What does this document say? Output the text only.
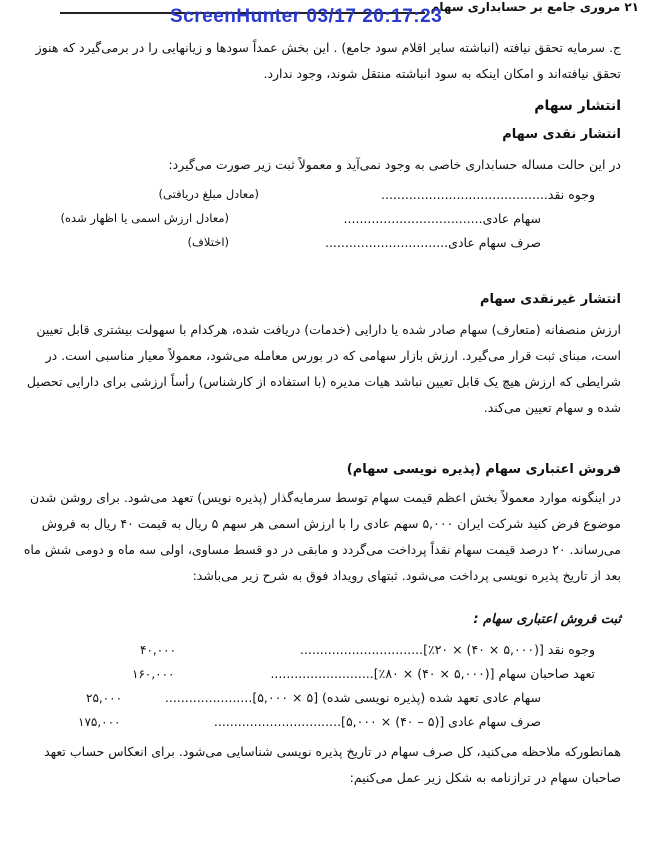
۲۱ مروری جامع بر حسابداری سهام
ScreenHunter 03/17 20:17:23
ج. سرمایه تحقق نیافته (انباشته سایر اقلام سود جامع) . این بخش عمداً سودها و زیانهایی را در برمی‌گیرد که هنوز
تحقق نیافته‌اند و امکان اینکه به سود انباشته منتقل شوند، وجود ندارد.
انتشار سهام
انتشار نقدی سهام
در این حالت مساله حسابداری خاصی به وجود نمی‌آید و معمولاً ثبت زیر صورت می‌گیرد:
وجوه نقد..........................................
(معادل مبلغ دریافتی)
سهام عادی...................................
(معادل ارزش اسمی یا اظهار شده)
صرف سهام عادی...............................
(اختلاف)
انتشار غیرنقدی سهام
ارزش منصفانه (متعارف) سهام صادر شده یا دارایی (خدمات) دریافت شده، هرکدام با سهولت بیشتری قابل تعیین
است، مبنای ثبت قرار می‌گیرد. ارزش بازار سهامی که در بورس معامله می‌شود، معمولاً معیار مناسبی است. در
شرایطی که ارزش هیچ یک قابل تعیین نباشد هیات مدیره (با استفاده از کارشناس) رأساً ارزشی برای دارایی تحصیل
شده و سهام تعیین می‌کند.
فروش اعتباری سهام (پذیره نویسی سهام)
در اینگونه موارد معمولاً بخش اعظم قیمت سهام توسط سرمایه‌گذار (پذیره نویس) تعهد می‌شود. برای روشن شدن
موضوع فرض کنید شرکت ایران ۵,۰۰۰ سهم عادی را با ارزش اسمی هر سهم ۵ ریال به قیمت ۴۰ ریال به فروش
می‌رساند. ۲۰ درصد قیمت سهام نقداً پرداخت می‌گردد و مابقی در دو قسط مساوی، اولی سه ماه و دومی شش ماه
بعد از تاریخ پذیره نویسی پرداخت می‌شود. ثبتهای رویداد فوق به شرح زیر می‌باشد:
ثبت فروش اعتباری سهام :
وجوه نقد [(۵,۰۰۰ × ۴۰) × ۲۰٪]...............................
۴۰,۰۰۰
تعهد صاحبان سهام [(۵,۰۰۰ × ۴۰) × ۸۰٪]..........................
۱۶۰,۰۰۰
سهام عادی تعهد شده (پذیره نویسی شده) [۵ × ۵,۰۰۰]......................
۲۵,۰۰۰
صرف سهام عادی [(۵ – ۴۰) × ۵,۰۰۰]................................
۱۷۵,۰۰۰
همانطورکه ملاحظه می‌کنید، کل صرف سهام در تاریخ پذیره نویسی شناسایی می‌شود. برای انعکاس حساب تعهد
صاحبان سهام در ترازنامه به شکل زیر عمل می‌کنیم:
